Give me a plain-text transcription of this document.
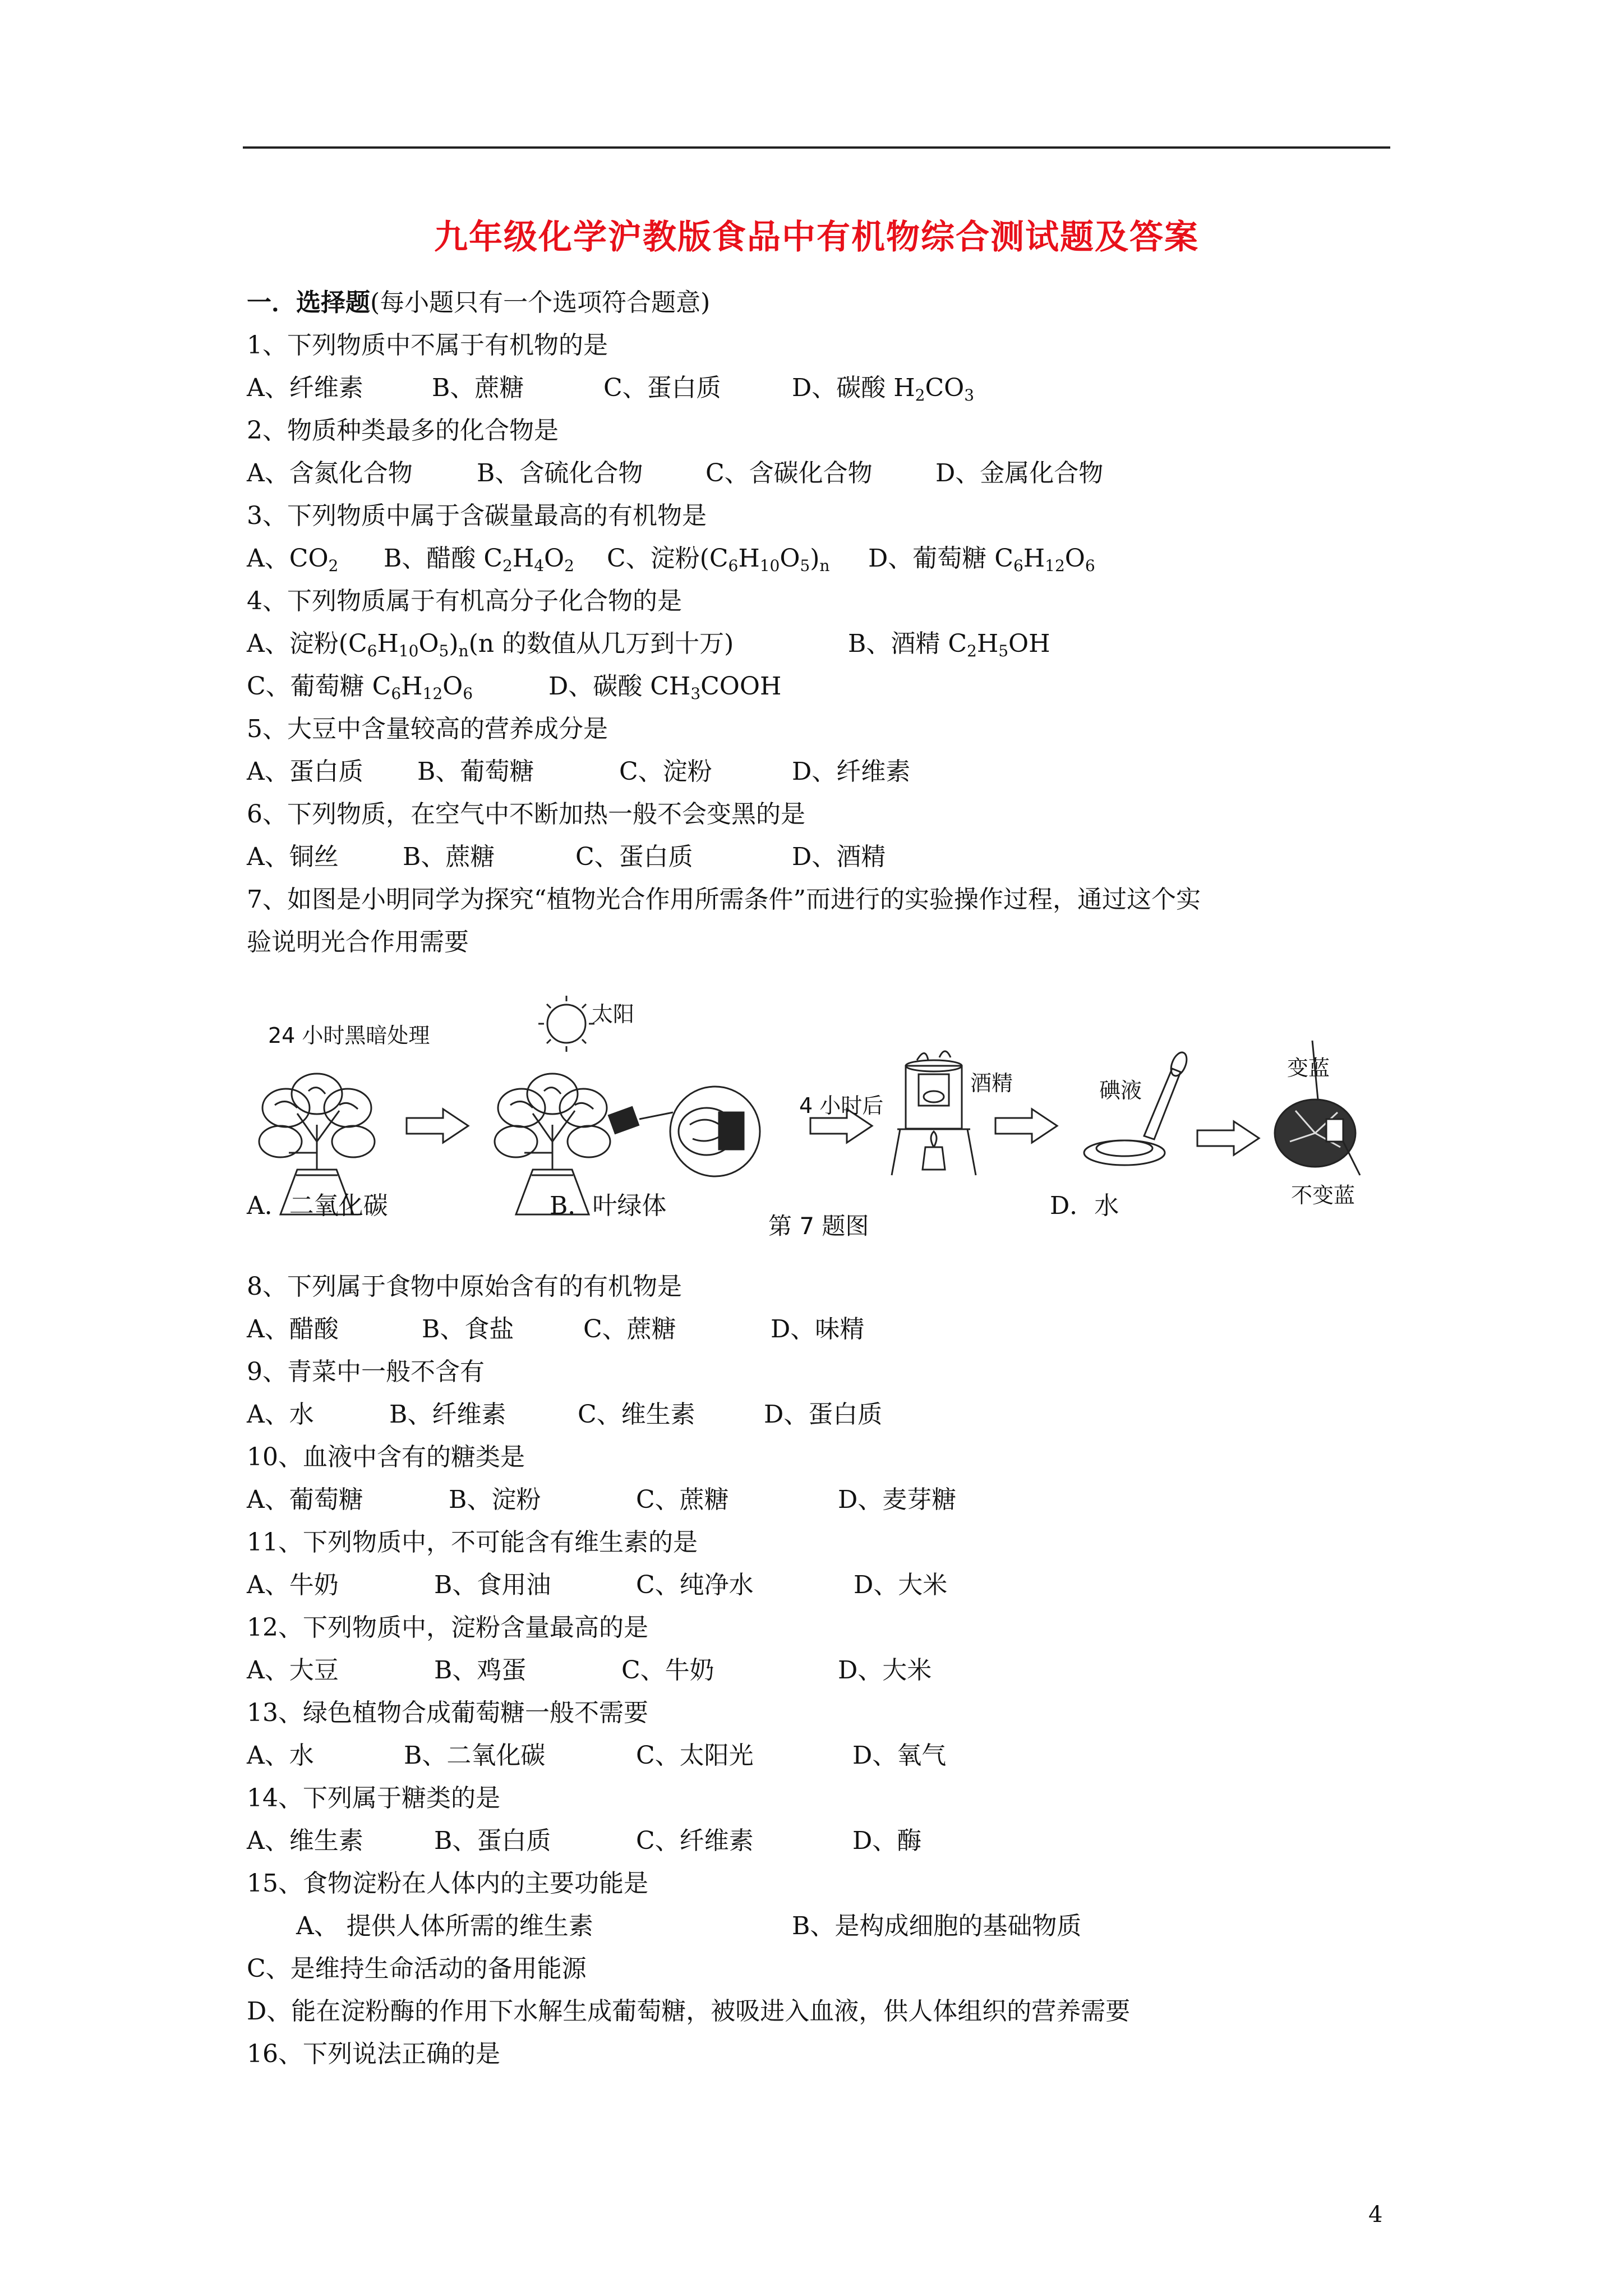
九年级化学沪教版食品中有机物综合测试题及答案
一．选择题(每小题只有一个选项符合题意)
1、下列物质中不属于有机物的是
A、纤维素	B、蔗糖	C、蛋白质	D、碳酸 $H_2CO_3$
2、物质种类最多的化合物是
A、含氮化合物	B、含硫化合物	C、含碳化合物	D、金属化合物
3、下列物质中属于含碳量最高的有机物是
A、$CO_2$ B、醋酸 $C_2H_4O_2$ C、淀粉$(C_6H_{10}O_5)_n$ D、葡萄糖 $C_6H_{12}O_6$
4、下列物质属于有机高分子化合物的是
A、淀粉$(C_6H_{10}O_5)_n(n$ 的数值从几万到十万)	B、酒精 $C_2H_5OH$
C、葡萄糖 $C_6H_{12}O_6$	D、碳酸 $CH_3COOH$
5、大豆中含量较高的营养成分是
A、蛋白质 B、葡萄糖	C、淀粉	D、纤维素
6、下列物质，在空气中不断加热一般不会变黑的是
A、铜丝	B、蔗糖	C、蛋白质	D、酒精
7、如图是小明同学为探究“植物光合作用所需条件”而进行的实验操作过程，通过这个实
验说明光合作用需要
24 小时黑暗处理
太阳
4 小时后
酒精	碘液
变蓝
不变蓝
第 7 题图
A．二氧化碳	B．叶绿体	D．水
8、下列属于食物中原始含有的有机物是
A、醋酸	B、食盐	C、蔗糖	D、味精
9、青菜中一般不含有
A、水	B、纤维素	C、维生素	D、蛋白质
10、血液中含有的糖类是
A、葡萄糖	B、淀粉	C、蔗糖	D、麦芽糖
11、下列物质中，不可能含有维生素的是
A、牛奶	B、食用油	C、纯净水	D、大米
12、下列物质中，淀粉含量最高的是
A、大豆	B、鸡蛋	C、牛奶	D、大米
13、绿色植物合成葡萄糖一般不需要
A、水	B、二氧化碳	C、太阳光	D、氧气
14、下列属于糖类的是
A、维生素	B、蛋白质	C、纤维素	D、酶
15、食物淀粉在人体内的主要功能是
A、 提供人体所需的维生素	B、是构成细胞的基础物质
C、是维持生命活动的备用能源
D、能在淀粉酶的作用下水解生成葡萄糖，被吸进入血液，供人体组织的营养需要
16、下列说法正确的是
4
